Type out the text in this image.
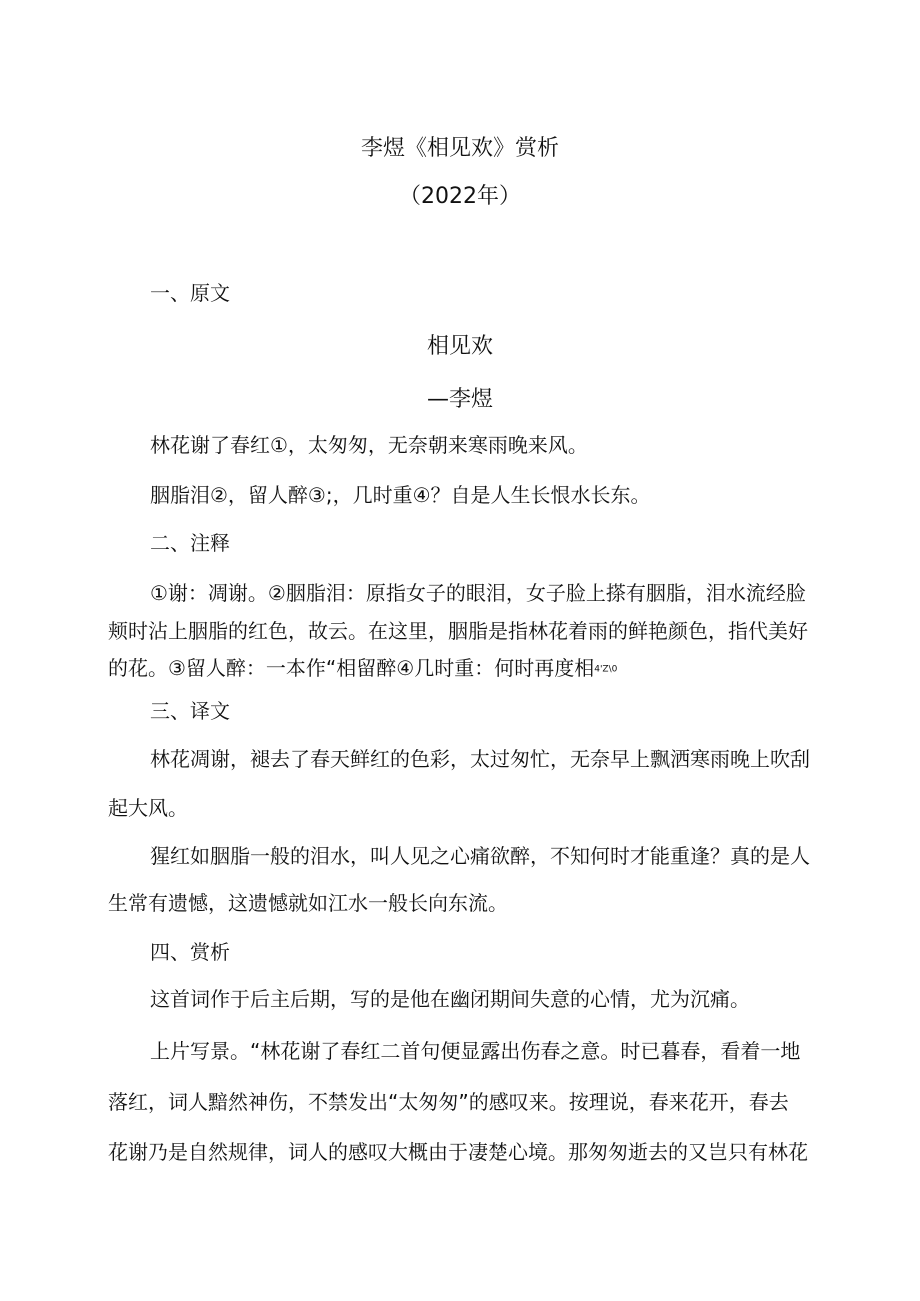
李煜《相见欢》赏析
（2022年）
一、原文
相见欢
—李煜
林花谢了春红①，太匆匆，无奈朝来寒雨晚来风。
胭脂泪②，留人醉③;，几时重④？自是人生长恨水长东。
二、注释
①谢：凋谢。②胭脂泪：原指女子的眼泪，女子脸上搽有胭脂，泪水流经脸
颊时沾上胭脂的红色，故云。在这里，胭脂是指林花着雨的鲜艳颜色，指代美好
的花。③留人醉：一本作“相留醉④几时重：何时再度相4'Z\0
三、译文
林花凋谢，褪去了春天鲜红的色彩，太过匆忙，无奈早上飘洒寒雨晚上吹刮
起大风。
猩红如胭脂一般的泪水，叫人见之心痛欲醉，不知何时才能重逢？真的是人
生常有遗憾，这遗憾就如江水一般长向东流。
四、赏析
这首词作于后主后期，写的是他在幽闭期间失意的心情，尤为沉痛。
上片写景。“林花谢了春红二首句便显露出伤春之意。时已暮春，看着一地
落红，词人黯然神伤，不禁发出“太匆匆”的感叹来。按理说，春来花开，春去
花谢乃是自然规律，词人的感叹大概由于凄楚心境。那匆匆逝去的又岂只有林花
